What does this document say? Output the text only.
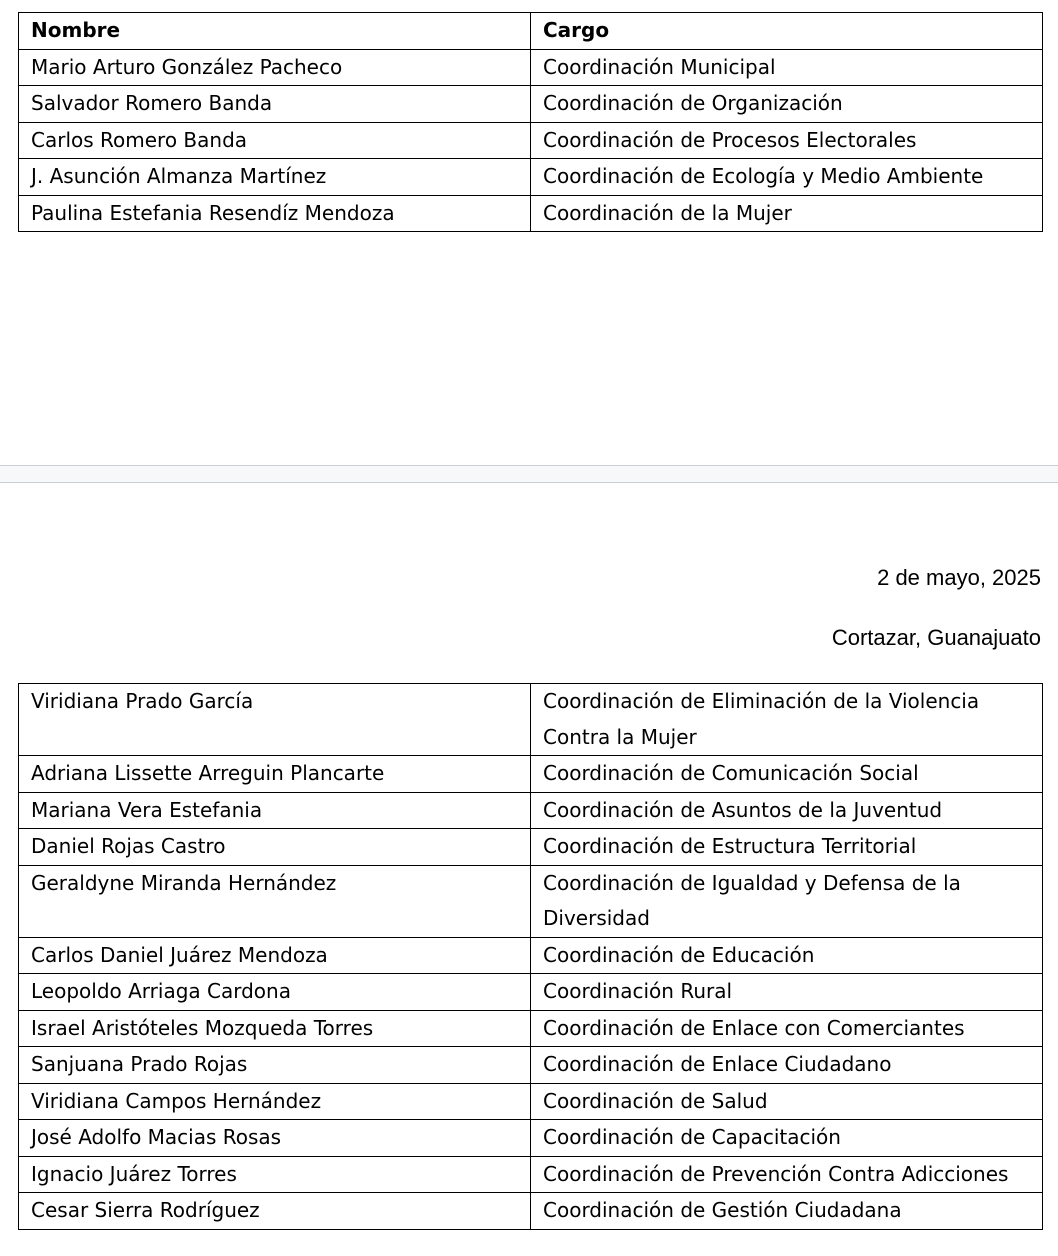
Nombre	Cargo
Mario Arturo González Pacheco	Coordinación Municipal
Salvador Romero Banda	Coordinación de Organización
Carlos Romero Banda	Coordinación de Procesos Electorales
J. Asunción Almanza Martínez	Coordinación de Ecología y Medio Ambiente
Paulina Estefania Resendíz Mendoza	Coordinación de la Mujer
2 de mayo, 2025
Cortazar, Guanajuato
Viridiana Prado García	Coordinación de Eliminación de la Violencia Contra la Mujer
Adriana Lissette Arreguin Plancarte	Coordinación de Comunicación Social
Mariana Vera Estefania	Coordinación de Asuntos de la Juventud
Daniel Rojas Castro	Coordinación de Estructura Territorial
Geraldyne Miranda Hernández	Coordinación de Igualdad y Defensa de la Diversidad
Carlos Daniel Juárez Mendoza	Coordinación de Educación
Leopoldo Arriaga Cardona	Coordinación Rural
Israel Aristóteles Mozqueda Torres	Coordinación de Enlace con Comerciantes
Sanjuana Prado Rojas	Coordinación de Enlace Ciudadano
Viridiana Campos Hernández	Coordinación de Salud
José Adolfo Macias Rosas	Coordinación de Capacitación
Ignacio Juárez Torres	Coordinación de Prevención Contra Adicciones
Cesar Sierra Rodríguez	Coordinación de Gestión Ciudadana
